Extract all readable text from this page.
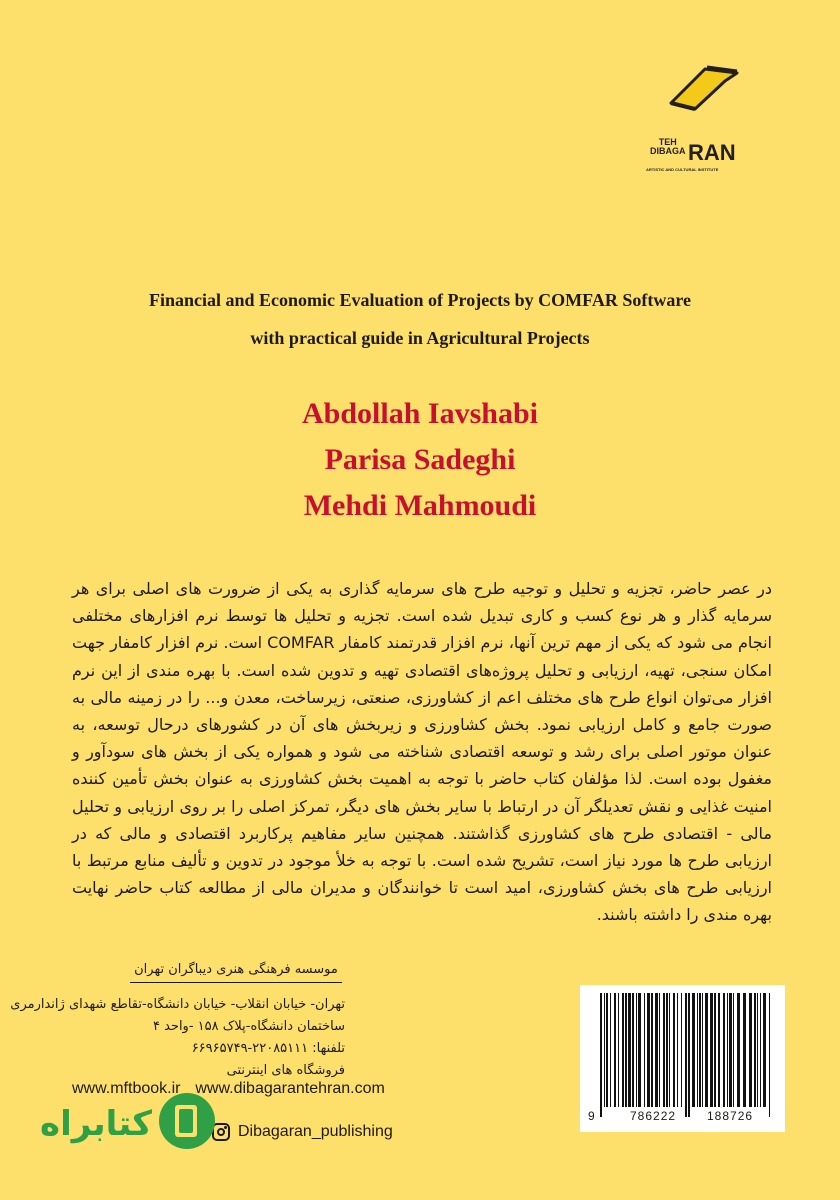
TEH
DIBAGA RAN
ARTISTIC AND CULTURAL INSTITUTE
Financial and Economic Evaluation of Projects by COMFAR Software
with practical guide in Agricultural Projects
Abdollah Iavshabi
Parisa Sadeghi
Mehdi Mahmoudi
در عصر حاضر، تجزیه و تحلیل و توجیه طرح های سرمایه گذاری به یکی از ضرورت های اصلی برای هر سرمایه گذار و هر نوع کسب و کاری تبدیل شده است. تجزیه و تحلیل ها توسط نرم افزارهای مختلفی انجام می شود که یکی از مهم ترین آنها، نرم افزار قدرتمند کامفار COMFAR است. نرم افزار کامفار جهت امکان سنجی، تهیه، ارزیابی و تحلیل پروژه‌های اقتصادی تهیه و تدوین شده است. با بهره مندی از این نرم افزار می‌توان انواع طرح های مختلف اعم از کشاورزی، صنعتی، زیرساخت، معدن و... را در زمینه مالی به صورت جامع و کامل ارزیابی نمود. بخش کشاورزی و زیربخش های آن در کشورهای درحال توسعه، به عنوان موتور اصلی برای رشد و توسعه اقتصادی شناخته می شود و همواره یکی از بخش های سودآور و مغفول بوده است. لذا مؤلفان کتاب حاضر با توجه به اهمیت بخش کشاورزی به عنوان بخش تأمین کننده امنیت غذایی و نقش تعدیلگر آن در ارتباط با سایر بخش های دیگر، تمرکز اصلی را بر روی ارزیابی و تحلیل مالی - اقتصادی طرح های کشاورزی گذاشتند. همچنین سایر مفاهیم پرکاربرد اقتصادی و مالی که در ارزیابی طرح ها مورد نیاز است، تشریح شده است. با توجه به خلأ موجود در تدوین و تألیف منابع مرتبط با ارزیابی طرح های بخش کشاورزی، امید است تا خوانندگان و مدیران مالی از مطالعه کتاب حاضر نهایت بهره مندی را داشته باشند.
موسسه فرهنگی هنری دیباگران تهران
تهران- خیابان انقلاب- خیابان دانشگاه-تقاطع شهدای ژاندارمری
ساختمان دانشگاه-پلاک ۱۵۸ -واحد ۴
تلفنها: ۲۲۰۸۵۱۱۱-۶۶۹۶۵۷۴۹
فروشگاه های اینترنتی
www.mftbook.ir www.dibagarantehran.com
Dibagaran_publishing
کتابراه	9	786222	188726
